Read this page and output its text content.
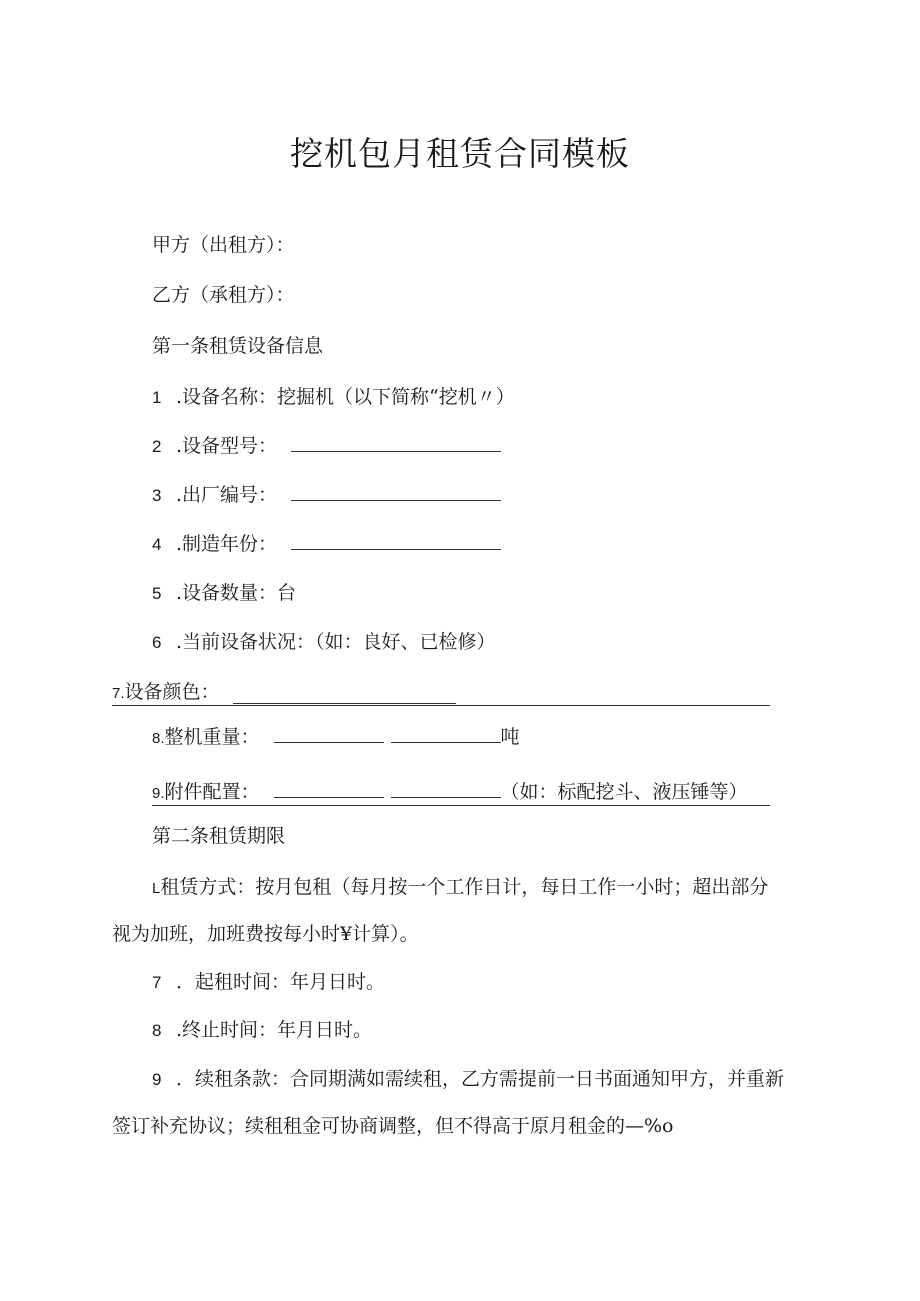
挖机包月租赁合同模板
甲方（出租方）：
乙方（承租方）：
第一条租赁设备信息
1 .设备名称：挖掘机（以下简称“挖机〃）
2 .设备型号：
3 .出厂编号：
4 .制造年份：
5 .设备数量：台
6 .当前设备状况：（如：良好、已检修）
7.设备颜色：
8.整机重量：	吨
9.附件配置：	（如：标配挖斗、液压锤等）
第二条租赁期限
L租赁方式：按月包租（每月按一个工作日计，每日工作一小时；超出部分
视为加班，加班费按每小时¥计算）。
7 ．起租时间：年月日时。
8 .终止时间：年月日时。
9 ．续租条款：合同期满如需续租，乙方需提前一日书面通知甲方，并重新
签订补充协议；续租租金可协商调整，但不得高于原月租金的—%o
